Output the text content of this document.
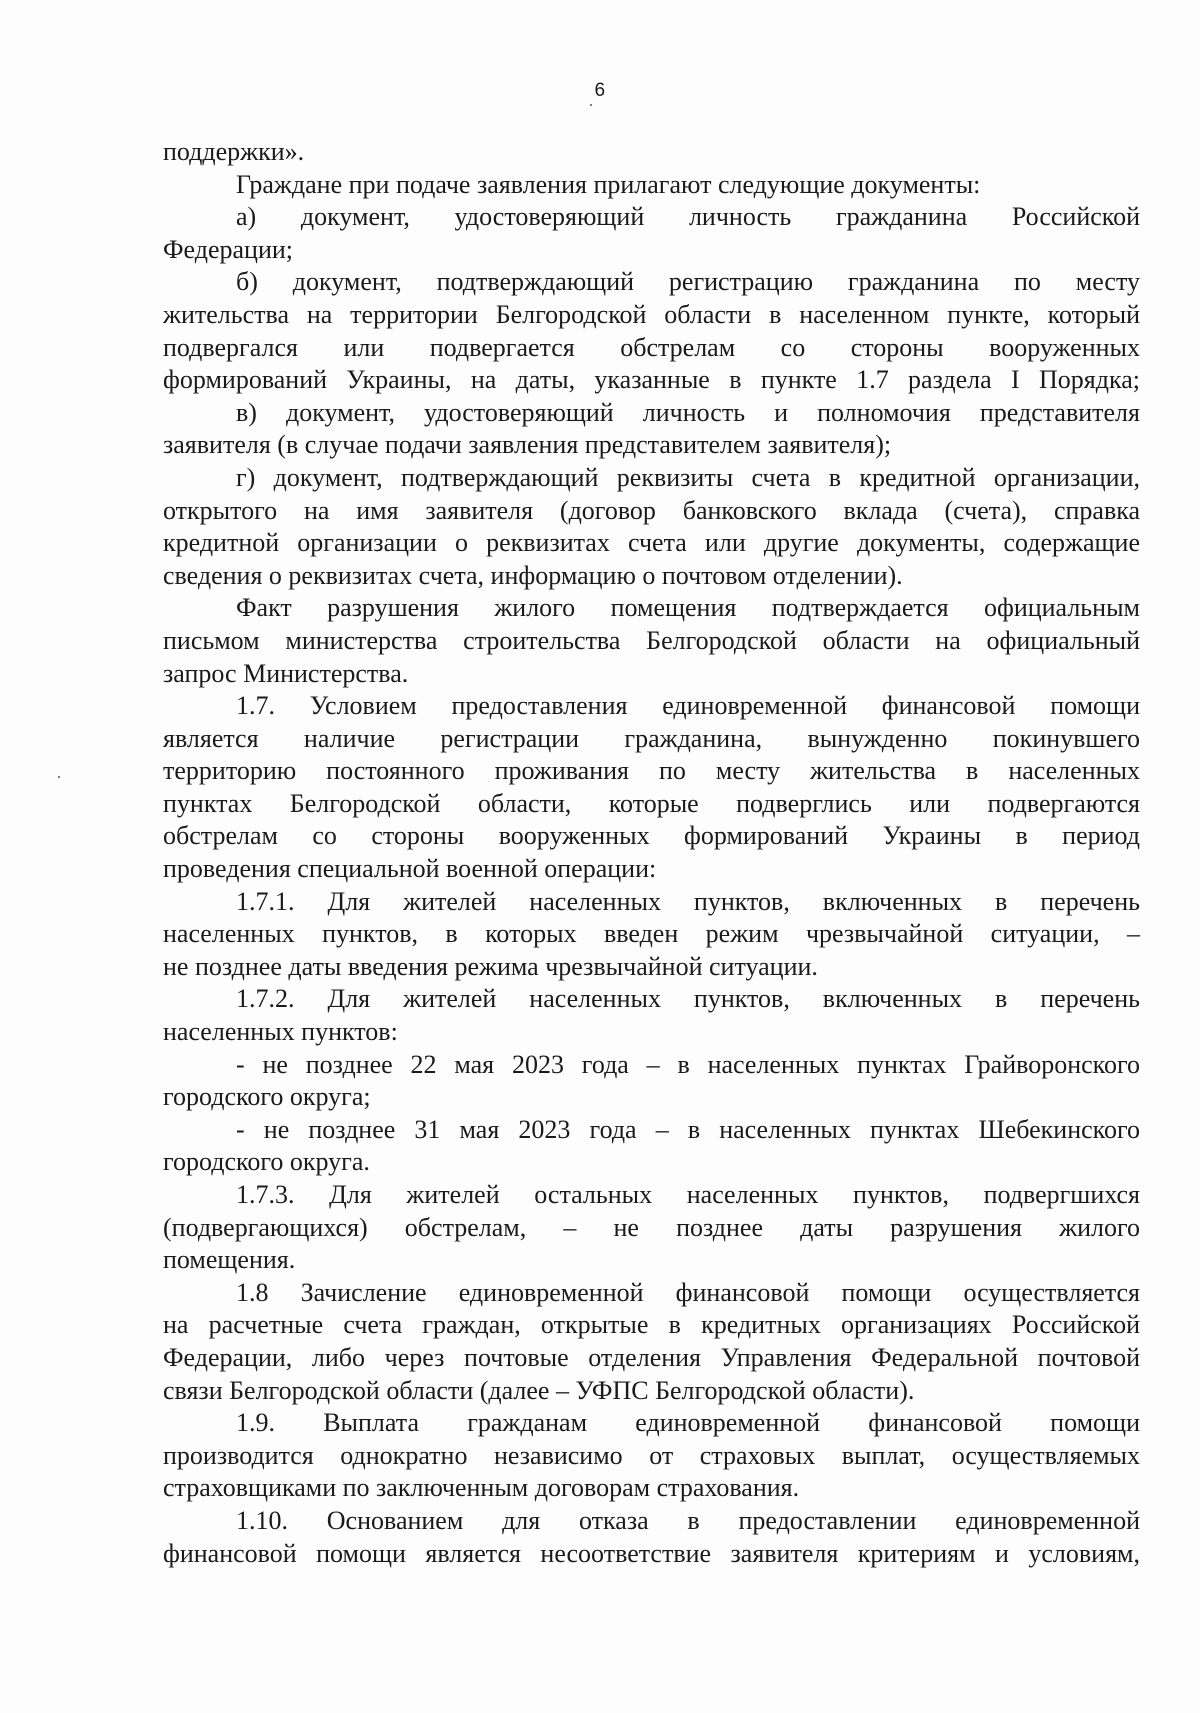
6
поддержки».
Граждане при подаче заявления прилагают следующие документы:
а) документ, удостоверяющий личность гражданина Российской
Федерации;
б) документ, подтверждающий регистрацию гражданина по месту
жительства на территории Белгородской области в населенном пункте, который
подвергался или подвергается обстрелам со стороны вооруженных
формирований Украины, на даты, указанные в пункте 1.7 раздела I Порядка;
в) документ, удостоверяющий личность и полномочия представителя
заявителя (в случае подачи заявления представителем заявителя);
г) документ, подтверждающий реквизиты счета в кредитной организации,
открытого на имя заявителя (договор банковского вклада (счета), справка
кредитной организации о реквизитах счета или другие документы, содержащие
сведения о реквизитах счета, информацию о почтовом отделении).
Факт разрушения жилого помещения подтверждается официальным
письмом министерства строительства Белгородской области на официальный
запрос Министерства.
1.7. Условием предоставления единовременной финансовой помощи
является наличие регистрации гражданина, вынужденно покинувшего
территорию постоянного проживания по месту жительства в населенных
пунктах Белгородской области, которые подверглись или подвергаются
обстрелам со стороны вооруженных формирований Украины в период
проведения специальной военной операции:
1.7.1. Для жителей населенных пунктов, включенных в перечень
населенных пунктов, в которых введен режим чрезвычайной ситуации, –
не позднее даты введения режима чрезвычайной ситуации.
1.7.2. Для жителей населенных пунктов, включенных в перечень
населенных пунктов:
- не позднее 22 мая 2023 года – в населенных пунктах Грайворонского
городского округа;
- не позднее 31 мая 2023 года – в населенных пунктах Шебекинского
городского округа.
1.7.3. Для жителей остальных населенных пунктов, подвергшихся
(подвергающихся) обстрелам, – не позднее даты разрушения жилого
помещения.
1.8 Зачисление единовременной финансовой помощи осуществляется
на расчетные счета граждан, открытые в кредитных организациях Российской
Федерации, либо через почтовые отделения Управления Федеральной почтовой
связи Белгородской области (далее – УФПС Белгородской области).
1.9. Выплата гражданам единовременной финансовой помощи
производится однократно независимо от страховых выплат, осуществляемых
страховщиками по заключенным договорам страхования.
1.10. Основанием для отказа в предоставлении единовременной
финансовой помощи является несоответствие заявителя критериям и условиям,
